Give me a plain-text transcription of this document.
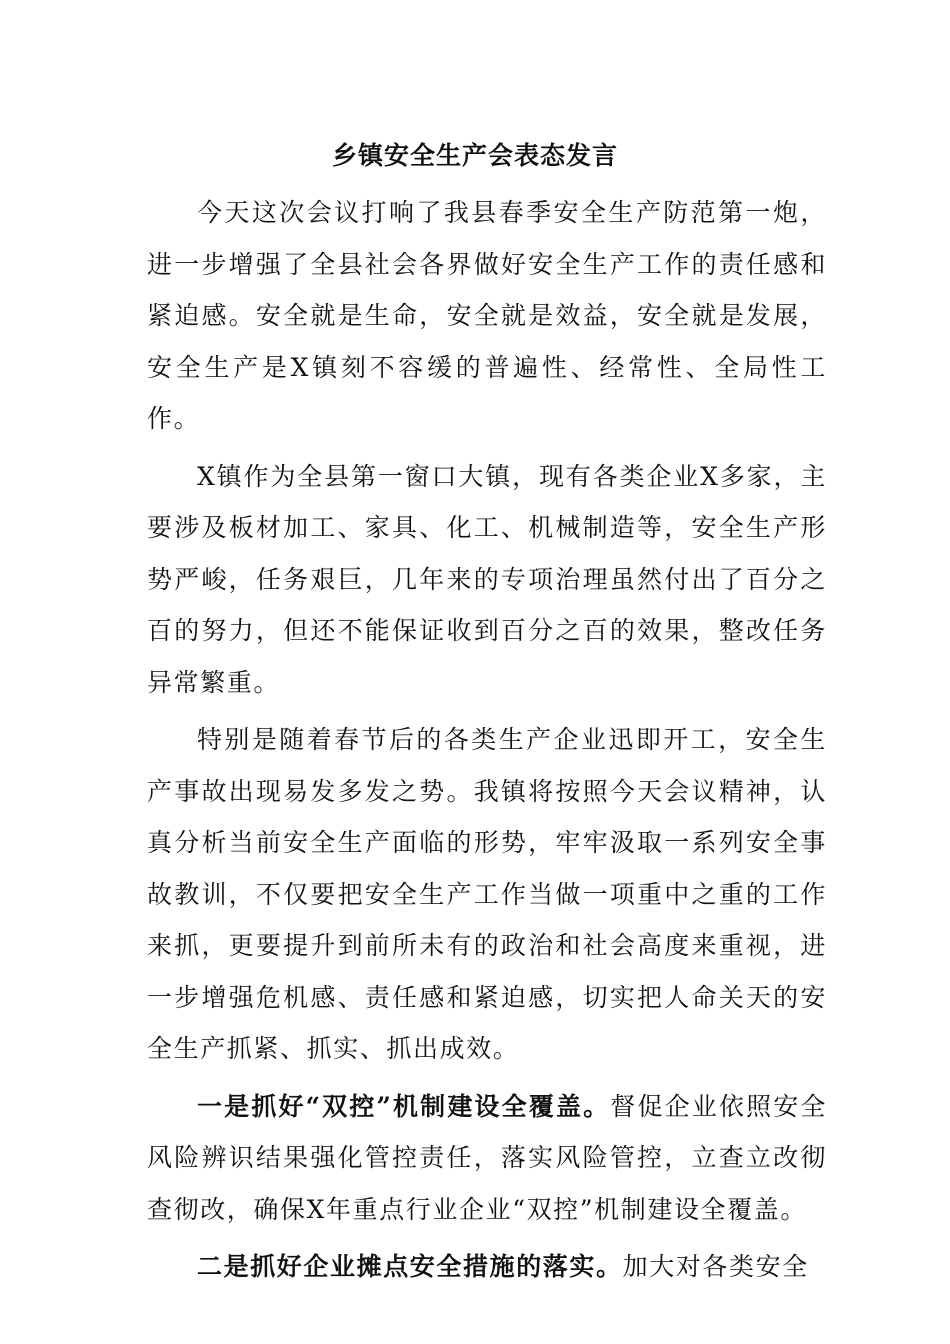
乡镇安全生产会表态发言

今天这次会议打响了我县春季安全生产防范第一炮，进一步增强了全县社会各界做好安全生产工作的责任感和紧迫感。安全就是生命，安全就是效益，安全就是发展，安全生产是X镇刻不容缓的普遍性、经常性、全局性工作。

X镇作为全县第一窗口大镇，现有各类企业X多家，主要涉及板材加工、家具、化工、机械制造等，安全生产形势严峻，任务艰巨，几年来的专项治理虽然付出了百分之百的努力，但还不能保证收到百分之百的效果，整改任务异常繁重。

特别是随着春节后的各类生产企业迅即开工，安全生产事故出现易发多发之势。我镇将按照今天会议精神，认真分析当前安全生产面临的形势，牢牢汲取一系列安全事故教训，不仅要把安全生产工作当做一项重中之重的工作来抓，更要提升到前所未有的政治和社会高度来重视，进一步增强危机感、责任感和紧迫感，切实把人命关天的安全生产抓紧、抓实、抓出成效。

一是抓好“双控”机制建设全覆盖。督促企业依照安全风险辨识结果强化管控责任，落实风险管控，立查立改彻查彻改，确保X年重点行业企业“双控”机制建设全覆盖。

二是抓好企业摊点安全措施的落实。加大对各类安全
